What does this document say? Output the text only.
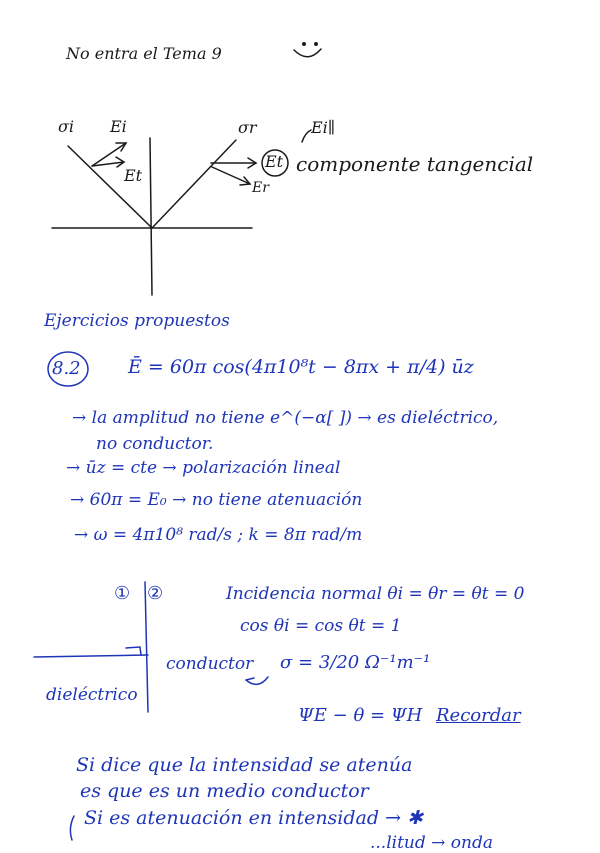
No entra el Tema 9
σi Ei
Et
σr	Ei∥
Et componente tangencial
Er
Ejercicios propuestos
8.2 Ē = 60π cos(4π10⁸t − 8πx + π/4) ūz
→ la amplitud no tiene e^(−α[ ]) → es dieléctrico,
no conductor.
→ ūz = cte → polarización lineal
→ 60π = E₀ → no tiene atenuación
→ ω = 4π10⁸ rad/s ; k = 8π rad/m
① ②	Incidencia normal θi = θr = θt = 0
cos θi = cos θt = 1
conductor σ = 3/20 Ω⁻¹m⁻¹
dieléctrico
ΨE − θ = ΨH Recordar
Si dice que la intensidad se atenúa
es que es un medio conductor
Si es atenuación en intensidad → ✱
...litud → onda
